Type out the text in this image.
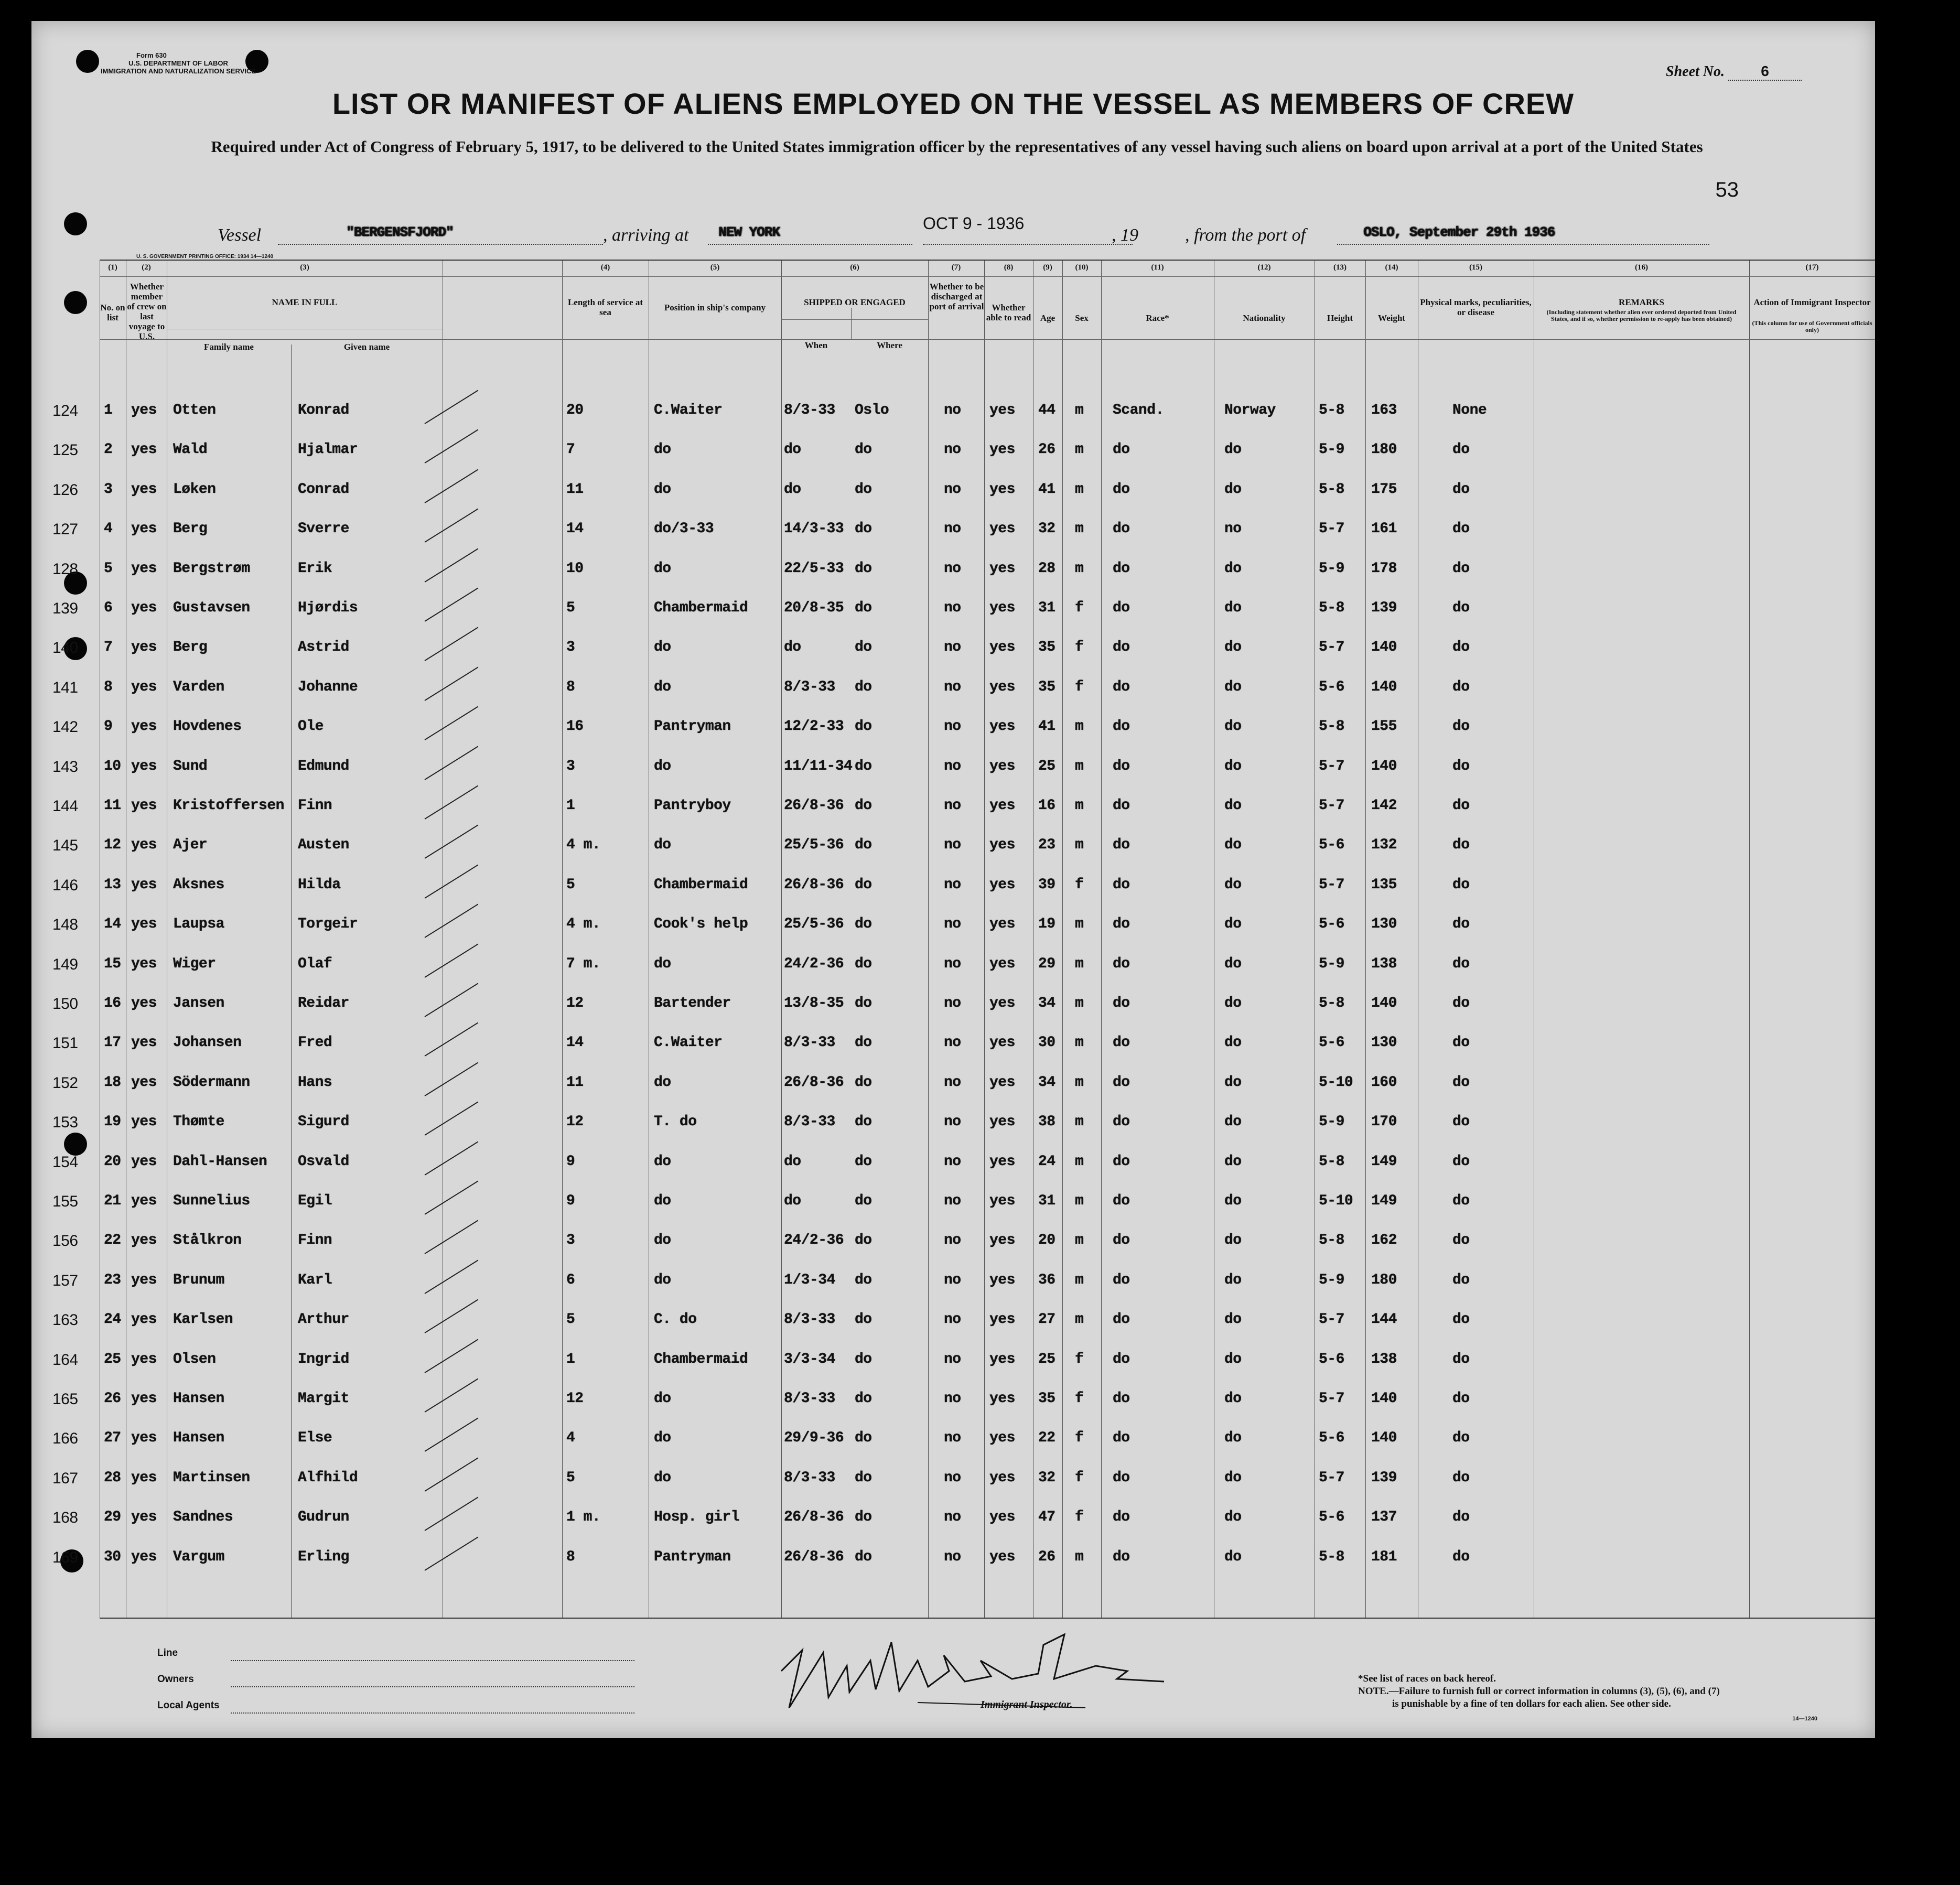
Form 630
U.S. DEPARTMENT OF LABOR
IMMIGRATION AND NATURALIZATION SERVICE	Sheet No. 6
LIST OR MANIFEST OF ALIENS EMPLOYED ON THE VESSEL AS MEMBERS OF CREW
Required under Act of Congress of February 5, 1917, to be delivered to the United States immigration officer by the representatives of any vessel having such aliens on board upon arrival at a port of the United States
53
Vessel	"BERGENSFJORD"	, arriving at NEW YORK	OCT 9 - 1936
, 19	, from the port of	OSLO, September 29th 1936
U. S. GOVERNMENT PRINTING OFFICE: 1934 14—1240
(1)	(2)	(3)	(4)	(5)	(6)	(7)	(8)	(9)	(10)	(11)	(12)	(13)	(14)	(15)	(16)	(17)
No. on list
Whether member of crew on last voyage to U.S.
NAME IN FULL
Family name	Given name
Length of service at sea	Position in ship's company
SHIPPED OR ENGAGED
When	Where
Whether to be discharged at port of arrival Whether able to read	Age	Sex	Race*	Nationality	Height	Weight
Physical marks, peculiarities, or disease
REMARKS
(Including statement whether alien ever ordered deported from United States, and if so, whether permission to re-apply has been obtained)
Action of Immigrant Inspector
(This column for use of Government officials only)
124 1 yes Otten	Konrad	20	C.Waiter	8/3-33 Oslo	no yes 44 m Scand.	Norway	5-8 163	None
125 2 yes Wald	Hjalmar	7	do	do	do	no yes 26 m do	do	5-9 180	do
126 3 yes Løken	Conrad	11	do	do	do	no yes 41 m do	do	5-8 175	do
127 4 yes Berg	Sverre	14	do/3-33	14/3-33 do	no yes 32 m do	no	5-7 161	do
128 5 yes Bergstrøm	Erik	10	do	22/5-33 do	no yes 28 m do	do	5-9 178	do
139 6 yes Gustavsen	Hjørdis	5	Chambermaid 20/8-35 do	no yes 31 f do	do	5-8 139	do
140 7 yes Berg	Astrid	3	do	do	do	no yes 35 f do	do	5-7 140	do
141 8 yes Varden	Johanne	8	do	8/3-33 do	no yes 35 f do	do	5-6 140	do
142 9 yes Hovdenes	Ole	16	Pantryman	12/2-33 do	no yes 41 m do	do	5-8 155	do
143 10 yes Sund	Edmund	3	do	11/11-34 do	no yes 25 m do	do	5-7 140	do
144 11 yes Kristoffersen Finn	1	Pantryboy	26/8-36 do	no yes 16 m do	do	5-7 142	do
145 12 yes Ajer	Austen	4 m.	do	25/5-36 do	no yes 23 m do	do	5-6 132	do
146 13 yes Aksnes	Hilda	5	Chambermaid 26/8-36 do	no yes 39 f do	do	5-7 135	do
148 14 yes Laupsa	Torgeir	4 m.	Cook's help 25/5-36 do	no yes 19 m do	do	5-6 130	do
149 15 yes Wiger	Olaf	7 m.	do	24/2-36 do	no yes 29 m do	do	5-9 138	do
150 16 yes Jansen	Reidar	12	Bartender	13/8-35 do	no yes 34 m do	do	5-8 140	do
151 17 yes Johansen	Fred	14	C.Waiter	8/3-33 do	no yes 30 m do	do	5-6 130	do
152 18 yes Södermann	Hans	11	do	26/8-36 do	no yes 34 m do	do	5-10 160	do
153 19 yes Thømte	Sigurd	12	T. do	8/3-33 do	no yes 38 m do	do	5-9 170	do
154 20 yes Dahl-Hansen Osvald	9	do	do	do	no yes 24 m do	do	5-8 149	do
155 21 yes Sunnelius	Egil	9	do	do	do	no yes 31 m do	do	5-10 149	do
156 22 yes Stålkron	Finn	3	do	24/2-36 do	no yes 20 m do	do	5-8 162	do
157 23 yes Brunum	Karl	6	do	1/3-34 do	no yes 36 m do	do	5-9 180	do
163 24 yes Karlsen	Arthur	5	C. do	8/3-33 do	no yes 27 m do	do	5-7 144	do
164 25 yes Olsen	Ingrid	1	Chambermaid 3/3-34 do	no yes 25 f do	do	5-6 138	do
165 26 yes Hansen	Margit	12	do	8/3-33 do	no yes 35 f do	do	5-7 140	do
166 27 yes Hansen	Else	4	do	29/9-36 do	no yes 22 f do	do	5-6 140	do
167 28 yes Martinsen	Alfhild	5	do	8/3-33 do	no yes 32 f do	do	5-7 139	do
168 29 yes Sandnes	Gudrun	1 m.	Hosp. girl	26/8-36 do	no yes 47 f do	do	5-6 137	do
169 30 yes Vargum	Erling	8	Pantryman	26/8-36 do	no yes 26 m do	do	5-8 181	do
Line
Owners
Local Agents	Immigrant Inspector.
*See list of races on back hereof.
NOTE.—Failure to furnish full or correct information in columns (3), (5), (6), and (7)
is punishable by a fine of ten dollars for each alien. See other side.
14—1240
